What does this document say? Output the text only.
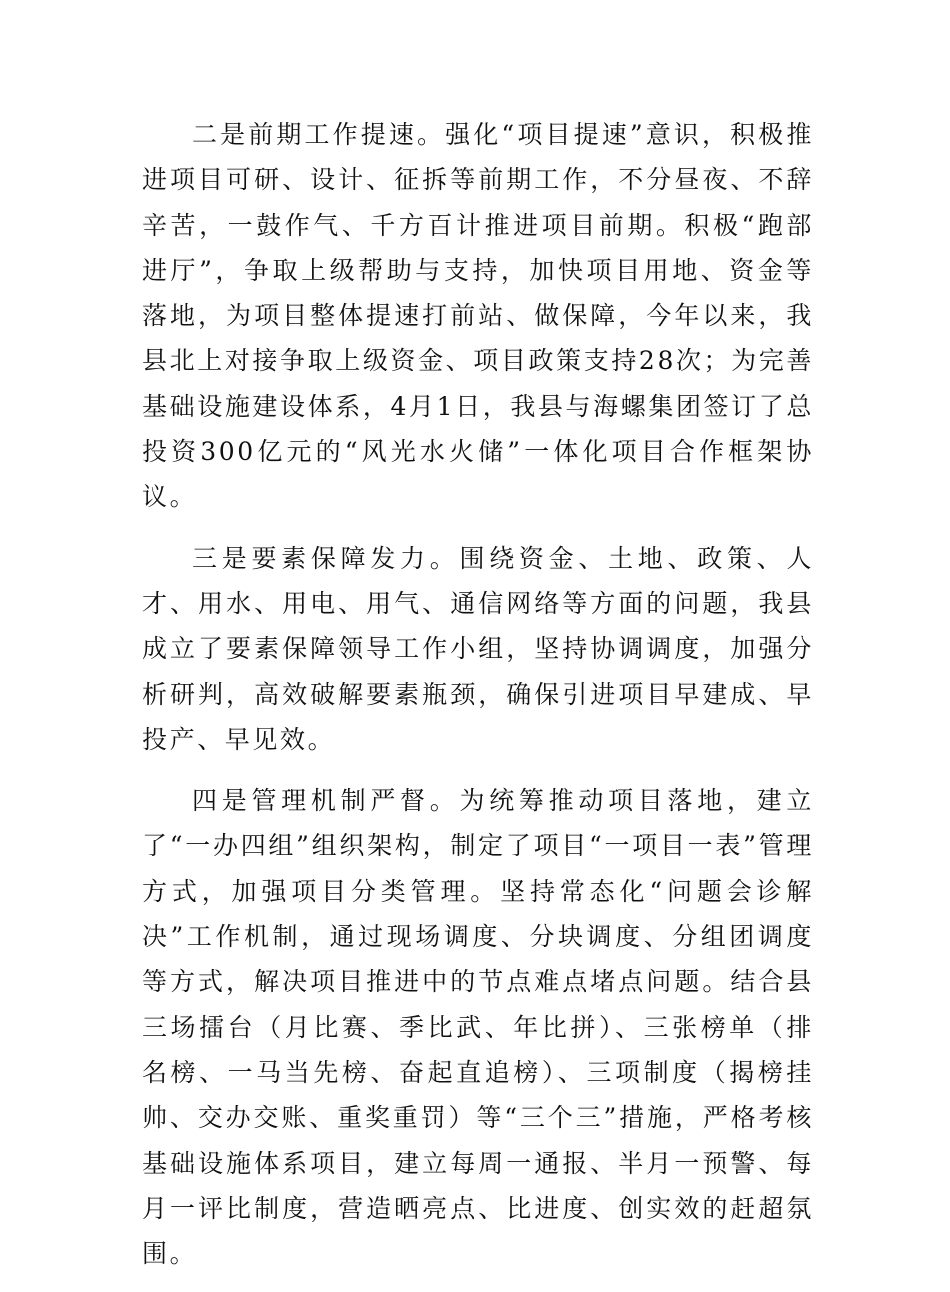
二是前期工作提速。强化“项目提速”意识，积极推进项目可研、设计、征拆等前期工作，不分昼夜、不辞辛苦，一鼓作气、千方百计推进项目前期。积极“跑部进厅”，争取上级帮助与支持，加快项目用地、资金等落地，为项目整体提速打前站、做保障，今年以来，我县北上对接争取上级资金、项目政策支持28次；为完善基础设施建设体系，4月1日，我县与海螺集团签订了总投资300亿元的“风光水火储”一体化项目合作框架协议。

三是要素保障发力。围绕资金、土地、政策、人才、用水、用电、用气、通信网络等方面的问题，我县成立了要素保障领导工作小组，坚持协调调度，加强分析研判，高效破解要素瓶颈，确保引进项目早建成、早投产、早见效。

四是管理机制严督。为统筹推动项目落地，建立了“一办四组”组织架构，制定了项目“一项目一表”管理方式，加强项目分类管理。坚持常态化“问题会诊解决”工作机制，通过现场调度、分块调度、分组团调度等方式，解决项目推进中的节点难点堵点问题。结合县三场擂台（月比赛、季比武、年比拼）、三张榜单（排名榜、一马当先榜、奋起直追榜）、三项制度（揭榜挂帅、交办交账、重奖重罚）等“三个三”措施，严格考核基础设施体系项目，建立每周一通报、半月一预警、每月一评比制度，营造晒亮点、比进度、创实效的赶超氛围。
